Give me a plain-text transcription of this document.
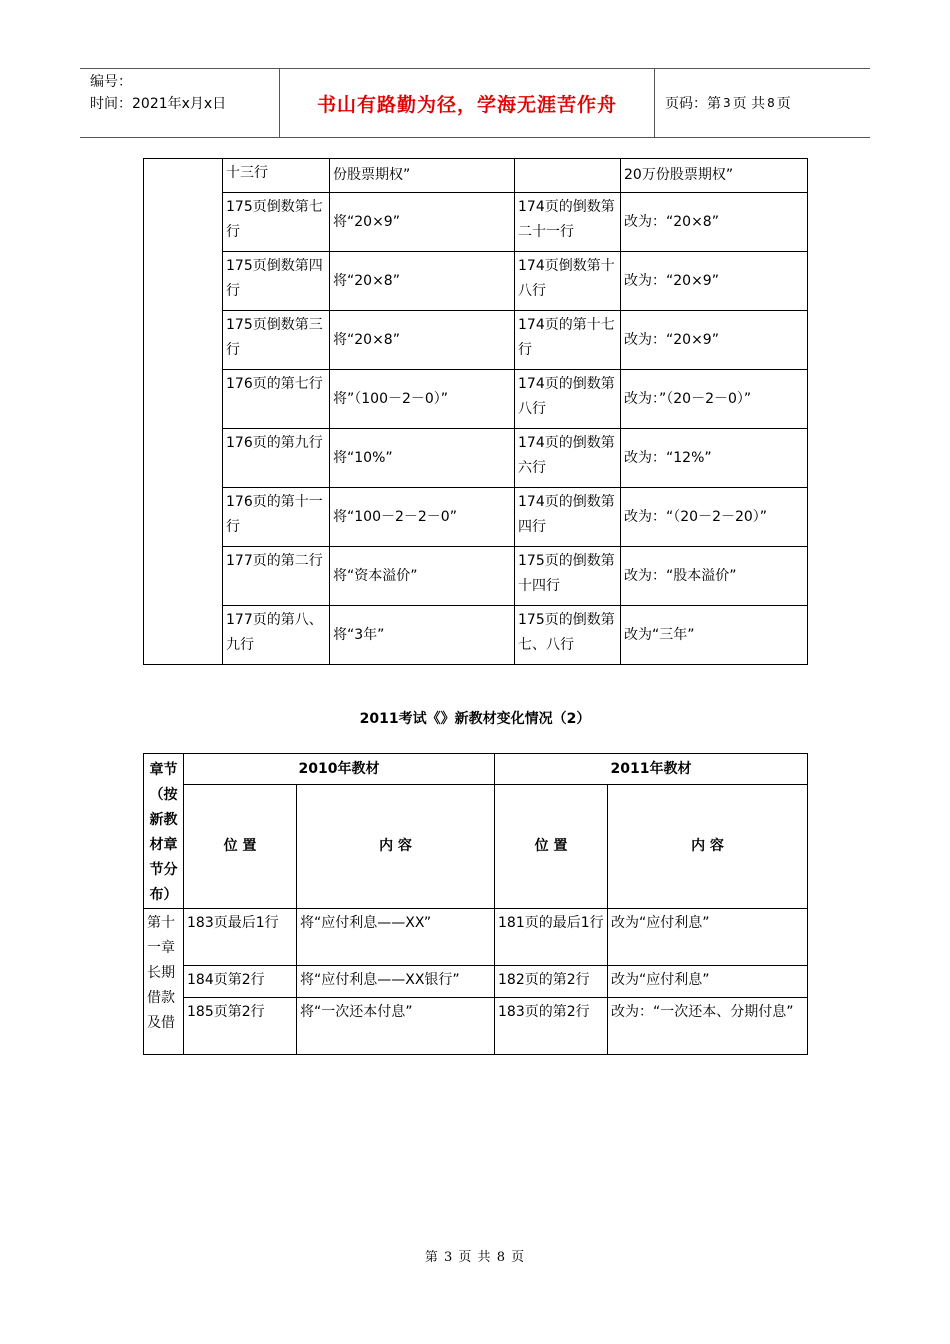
编号：
时间：2021年x月x日	书山有路勤为径，学海无涯苦作舟	页码：第 3 页 共 8 页
	十三行	份股票期权”		20万份股票期权”
	175页倒数第七行	将“20×9”	174页的倒数第二十一行	改为：“20×8”
	175页倒数第四行	将“20×8”	174页倒数第十八行	改为：“20×9”
	175页倒数第三行	将“20×8”	174页的第十七行	改为：“20×9”
	176页的第七行	将”（100－2－0）”	174页的倒数第八行	改为：”（20－2－0）”
	176页的第九行	将“10%”	174页的倒数第六行	改为：“12%”
	176页的第十一行	将“100－2－2－0”	174页的倒数第四行	改为：“（20－2－20）”
	177页的第二行	将“资本溢价”	175页的倒数第十四行	改为：“股本溢价”
	177页的第八、九行	将“3年”	175页的倒数第七、八行	改为“三年”
2011考试《》新教材变化情况（2）
章节（按新教材章节分布）	2010年教材		2011年教材	
	位 置	内 容	位 置	内 容
第十一章长期借款及借	183页最后1行	将“应付利息——XX”	181页的最后1行	改为“应付利息”
	184页第2行	将“应付利息——XX银行”	182页的第2行	改为“应付利息”
	185页第2行	将“一次还本付息”	183页的第2行	改为：“一次还本、分期付息”
第 3 页 共 8 页
